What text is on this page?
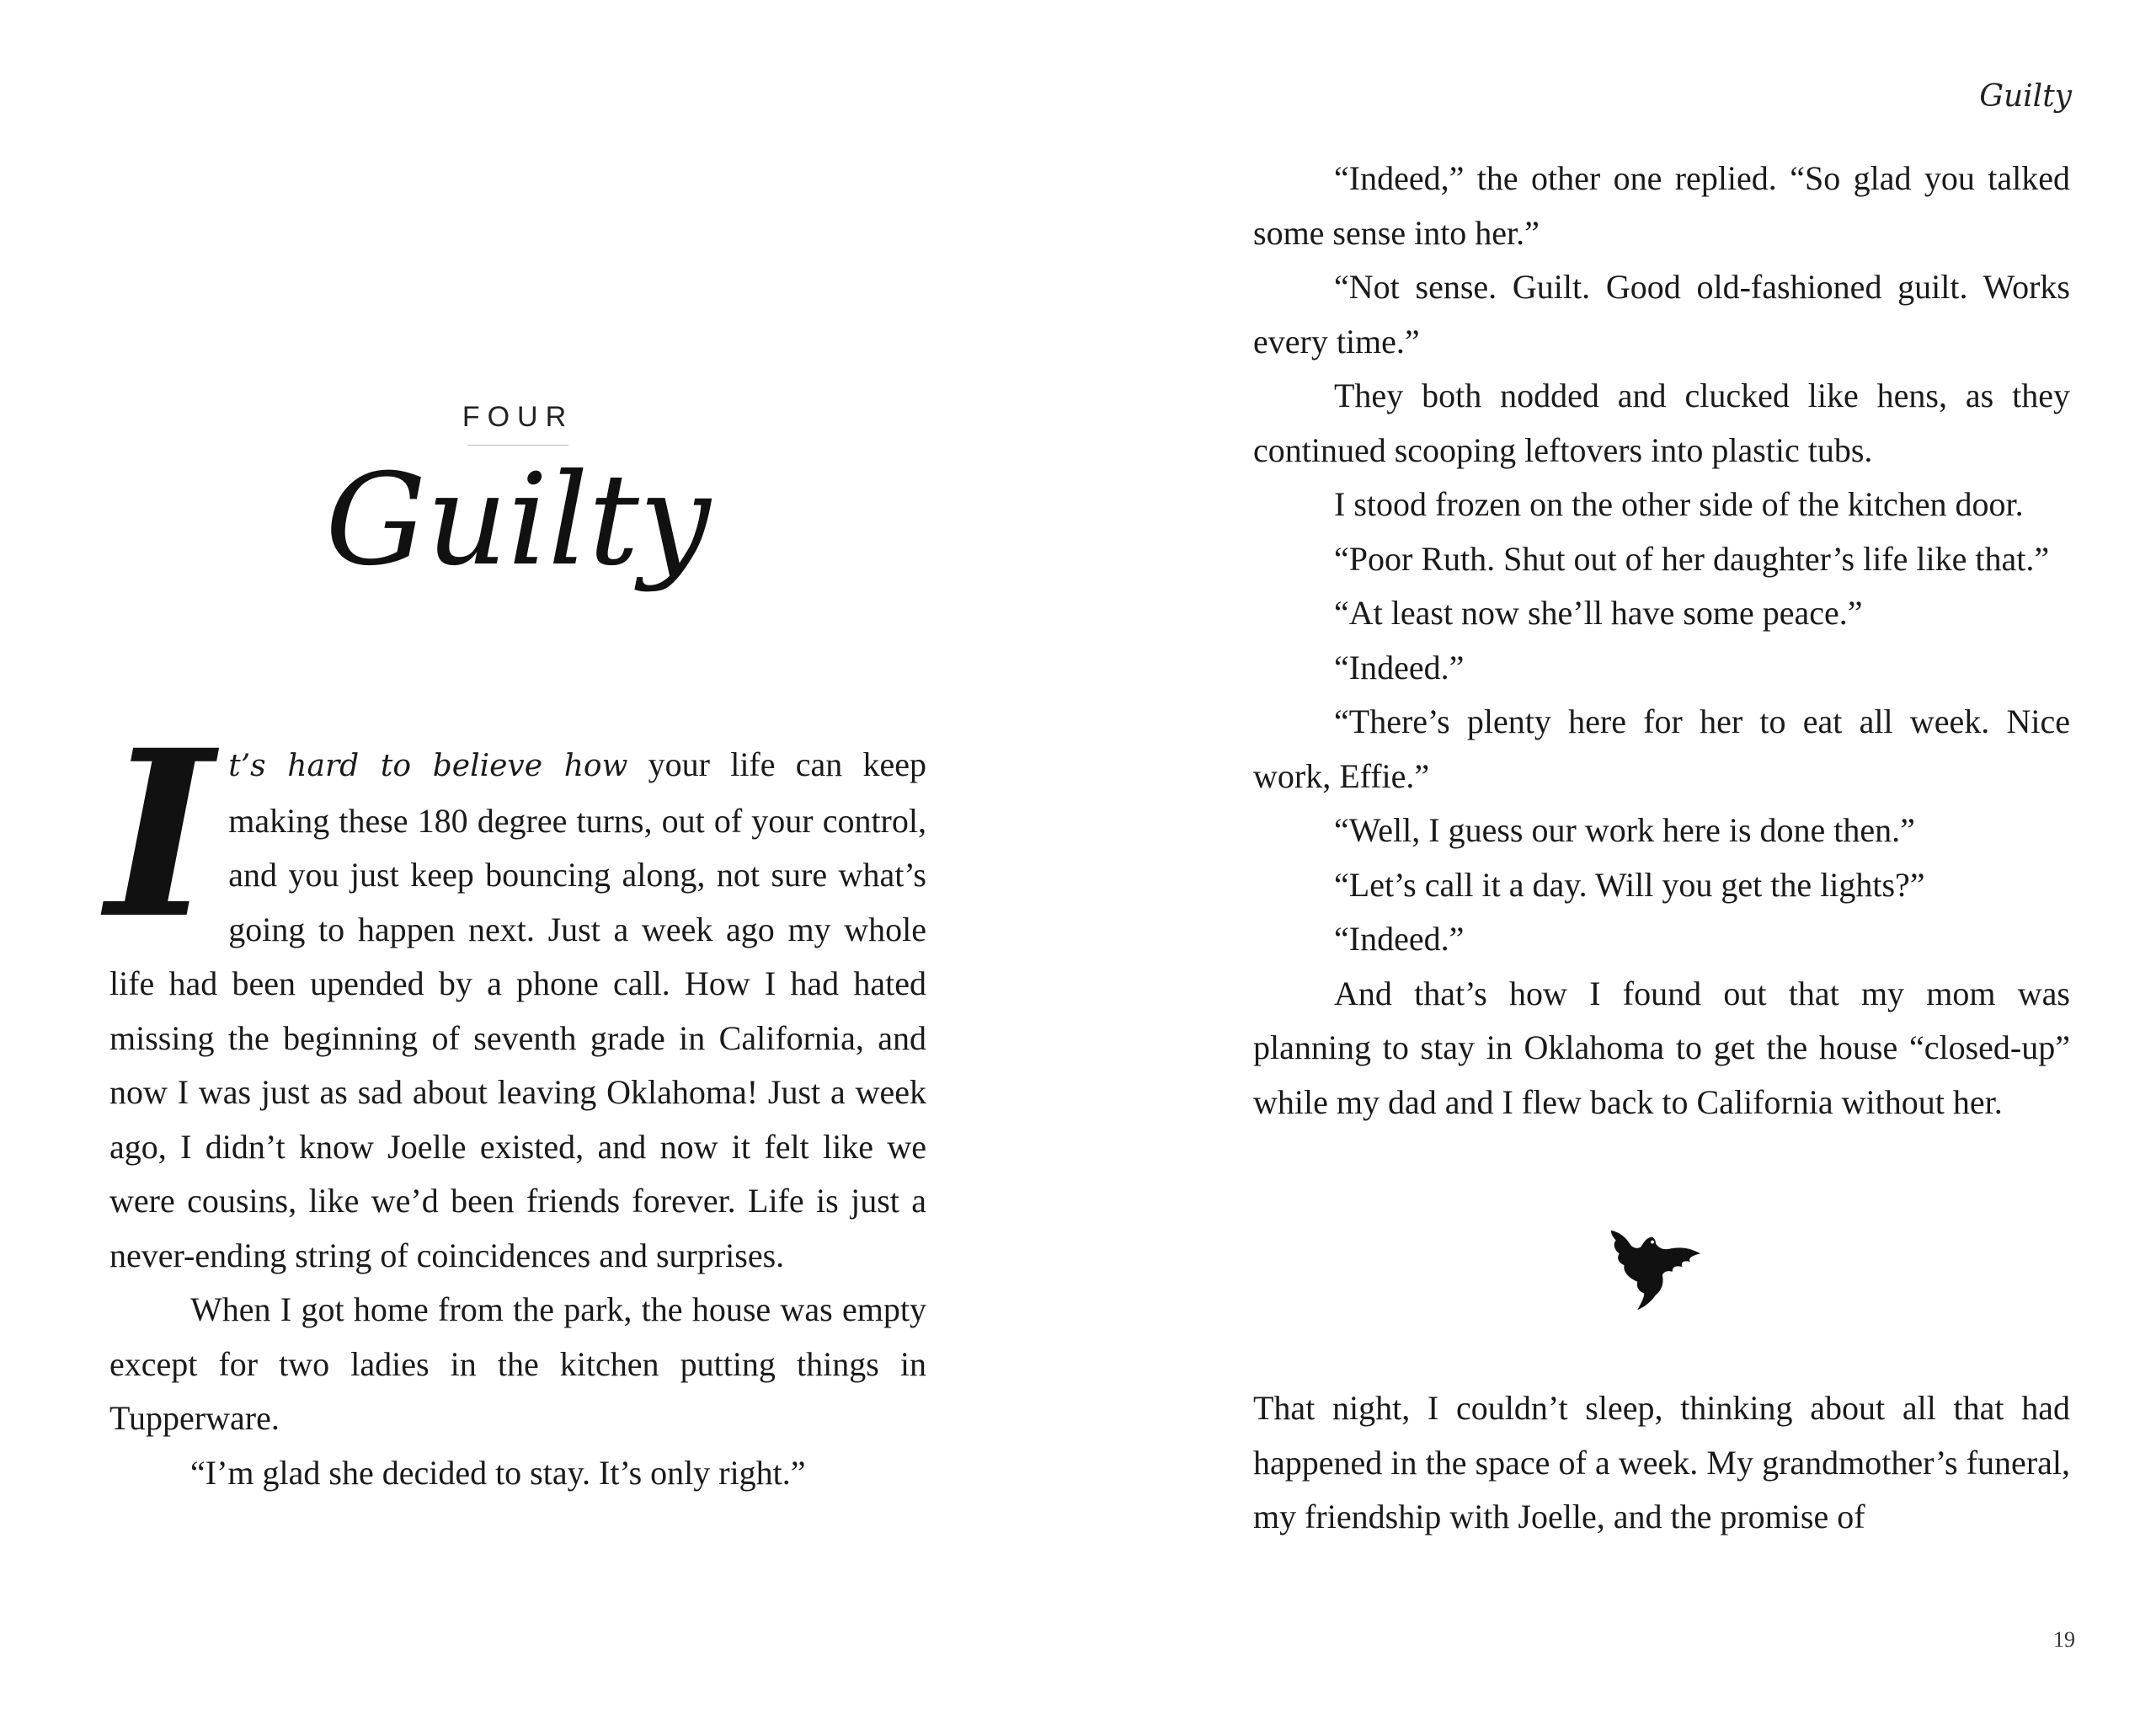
FOUR
Guilty

It’s hard to believe how your life can keep making these 180 degree turns, out of your control, and you just keep bouncing along, not sure what’s going to happen next. Just a week ago my whole life had been upended by a phone call. How I had hated missing the beginning of seventh grade in California, and now I was just as sad about leaving Oklahoma! Just a week ago, I didn’t know Joelle existed, and now it felt like we were cousins, like we’d been friends forever. Life is just a never-ending string of coincidences and surprises.

When I got home from the park, the house was empty except for two ladies in the kitchen putting things in Tupperware.

“I’m glad she decided to stay. It’s only right.”

Guilty

“Indeed,” the other one replied. “So glad you talked some sense into her.”

“Not sense. Guilt. Good old-fashioned guilt. Works every time.”

They both nodded and clucked like hens, as they continued scooping leftovers into plastic tubs.

I stood frozen on the other side of the kitchen door.

“Poor Ruth. Shut out of her daughter’s life like that.”

“At least now she’ll have some peace.”

“Indeed.”

“There’s plenty here for her to eat all week. Nice work, Effie.”

“Well, I guess our work here is done then.”

“Let’s call it a day. Will you get the lights?”

“Indeed.”

And that’s how I found out that my mom was planning to stay in Oklahoma to get the house “closed-up” while my dad and I flew back to California without her.

That night, I couldn’t sleep, thinking about all that had happened in the space of a week. My grandmother’s funeral, my friendship with Joelle, and the promise of

19
